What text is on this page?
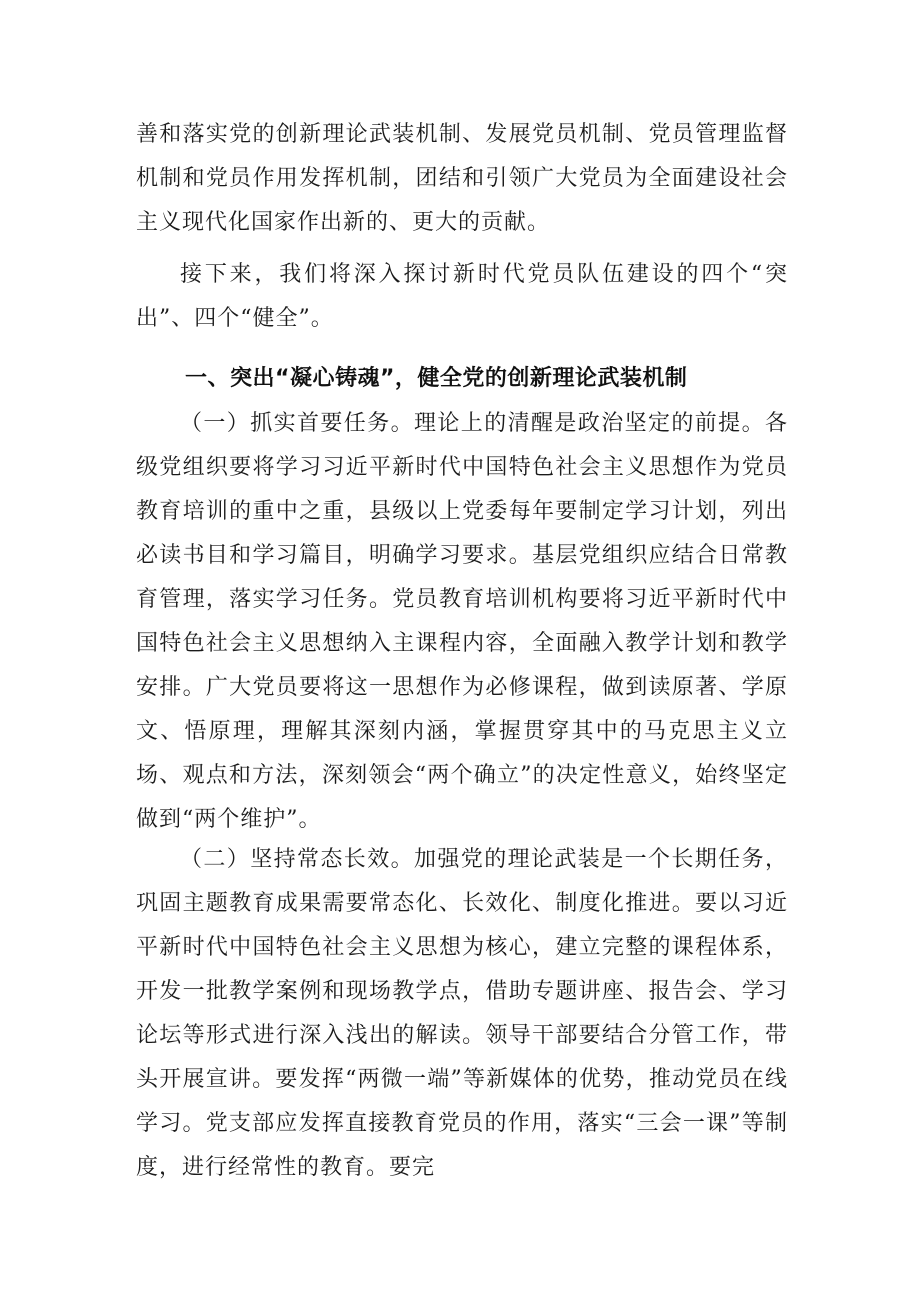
善和落实党的创新理论武装机制、发展党员机制、党员管理监督机制和党员作用发挥机制，团结和引领广大党员为全面建设社会主义现代化国家作出新的、更大的贡献。

接下来，我们将深入探讨新时代党员队伍建设的四个“突出”、四个“健全”。

一、突出“凝心铸魂”，健全党的创新理论武装机制

（一）抓实首要任务。理论上的清醒是政治坚定的前提。各级党组织要将学习习近平新时代中国特色社会主义思想作为党员教育培训的重中之重，县级以上党委每年要制定学习计划，列出必读书目和学习篇目，明确学习要求。基层党组织应结合日常教育管理，落实学习任务。党员教育培训机构要将习近平新时代中国特色社会主义思想纳入主课程内容，全面融入教学计划和教学安排。广大党员要将这一思想作为必修课程，做到读原著、学原文、悟原理，理解其深刻内涵，掌握贯穿其中的马克思主义立场、观点和方法，深刻领会“两个确立”的决定性意义，始终坚定做到“两个维护”。

（二）坚持常态长效。加强党的理论武装是一个长期任务，巩固主题教育成果需要常态化、长效化、制度化推进。要以习近平新时代中国特色社会主义思想为核心，建立完整的课程体系，开发一批教学案例和现场教学点，借助专题讲座、报告会、学习论坛等形式进行深入浅出的解读。领导干部要结合分管工作，带头开展宣讲。要发挥“两微一端”等新媒体的优势，推动党员在线学习。党支部应发挥直接教育党员的作用，落实“三会一课”等制度，进行经常性的教育。要完
